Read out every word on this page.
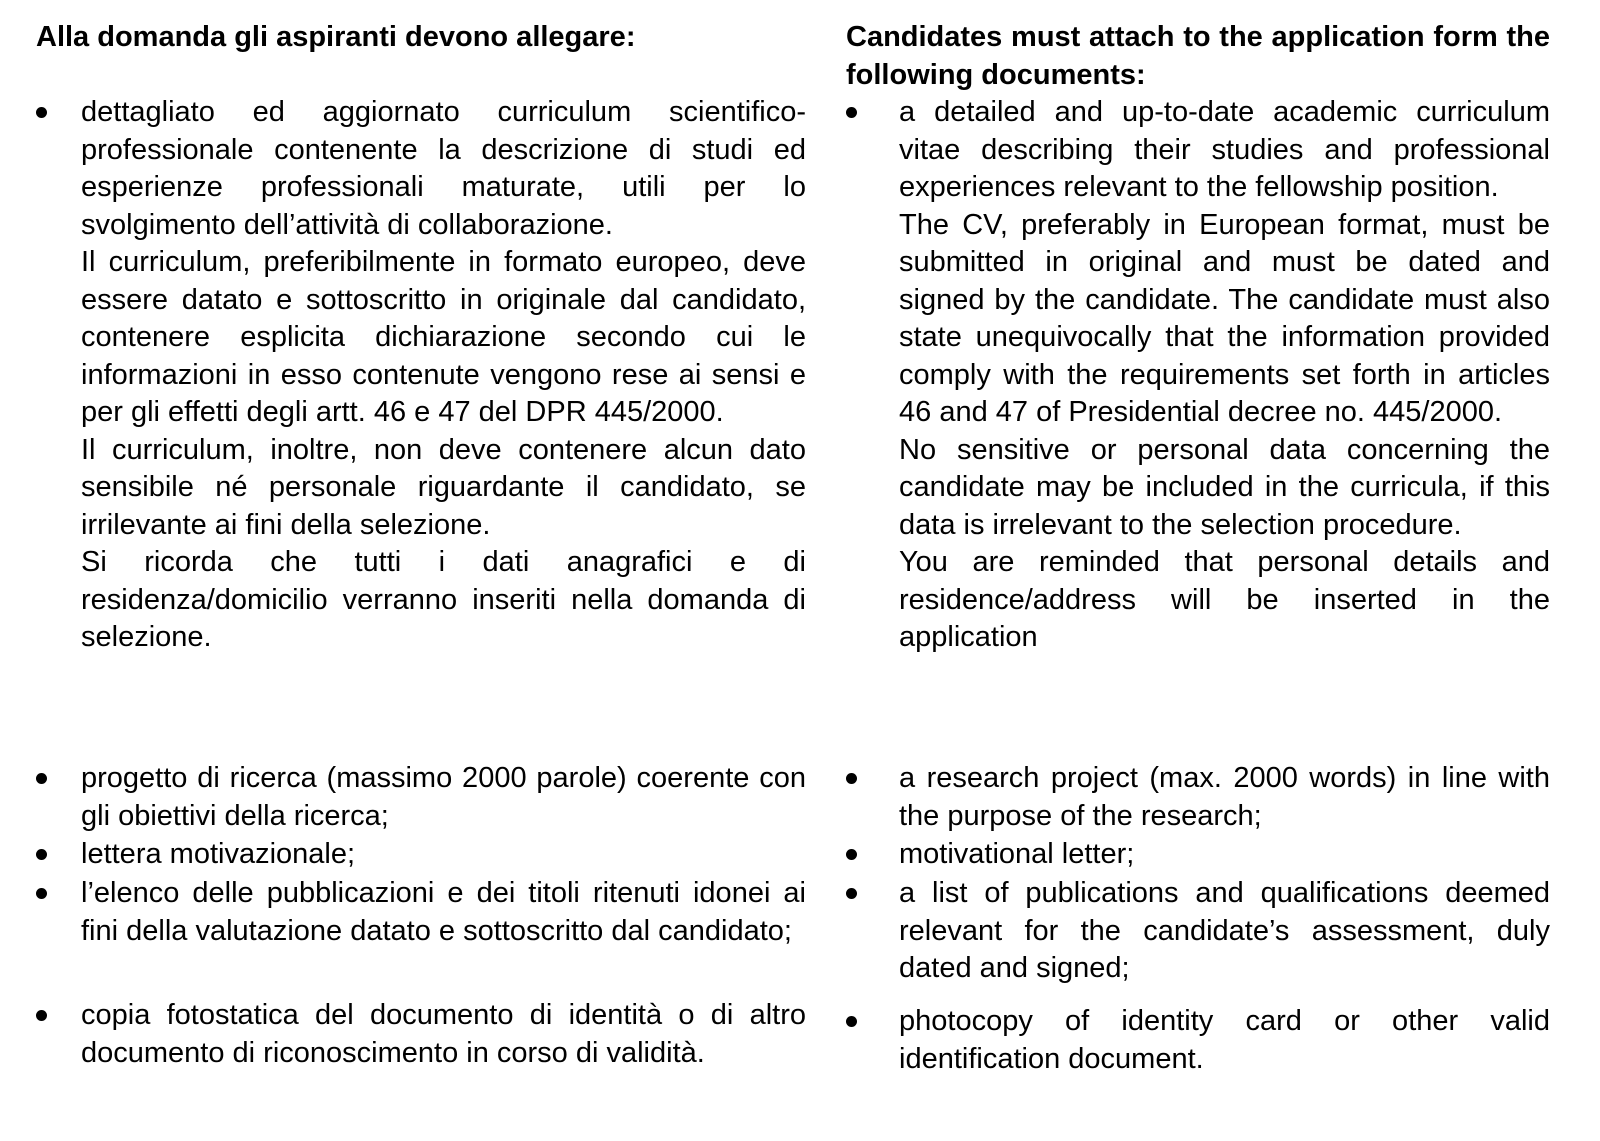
Alla domanda gli aspiranti devono allegare:
dettagliato ed aggiornato curriculum scientifico-professionale contenente la descrizione di studi ed esperienze professionali maturate, utili per lo svolgimento dell’attività di collaborazione.
Il curriculum, preferibilmente in formato europeo, deve essere datato e sottoscritto in originale dal candidato, contenere esplicita dichiarazione secondo cui le informazioni in esso contenute vengono rese ai sensi e per gli effetti degli artt. 46 e 47 del DPR 445/2000.
Il curriculum, inoltre, non deve contenere alcun dato sensibile né personale riguardante il candidato, se irrilevante ai fini della selezione.
Si ricorda che tutti i dati anagrafici e di residenza/domicilio verranno inseriti nella domanda di selezione.
progetto di ricerca (massimo 2000 parole) coerente con gli obiettivi della ricerca;
lettera motivazionale;
l’elenco delle pubblicazioni e dei titoli ritenuti idonei ai fini della valutazione datato e sottoscritto dal candidato;
copia fotostatica del documento di identità o di altro documento di riconoscimento in corso di validità.
Candidates must attach to the application form the following documents:
a detailed and up-to-date academic curriculum vitae describing their studies and professional experiences relevant to the fellowship position.
The CV, preferably in European format, must be submitted in original and must be dated and signed by the candidate. The candidate must also state unequivocally that the information provided comply with the requirements set forth in articles 46 and 47 of Presidential decree no. 445/2000.
No sensitive or personal data concerning the candidate may be included in the curricula, if this data is irrelevant to the selection procedure.
You are reminded that personal details and residence/address will be inserted in the application
a research project (max. 2000 words) in line with the purpose of the research;
motivational letter;
a list of publications and qualifications deemed relevant for the candidate’s assessment, duly dated and signed;
photocopy of identity card or other valid identification document.
